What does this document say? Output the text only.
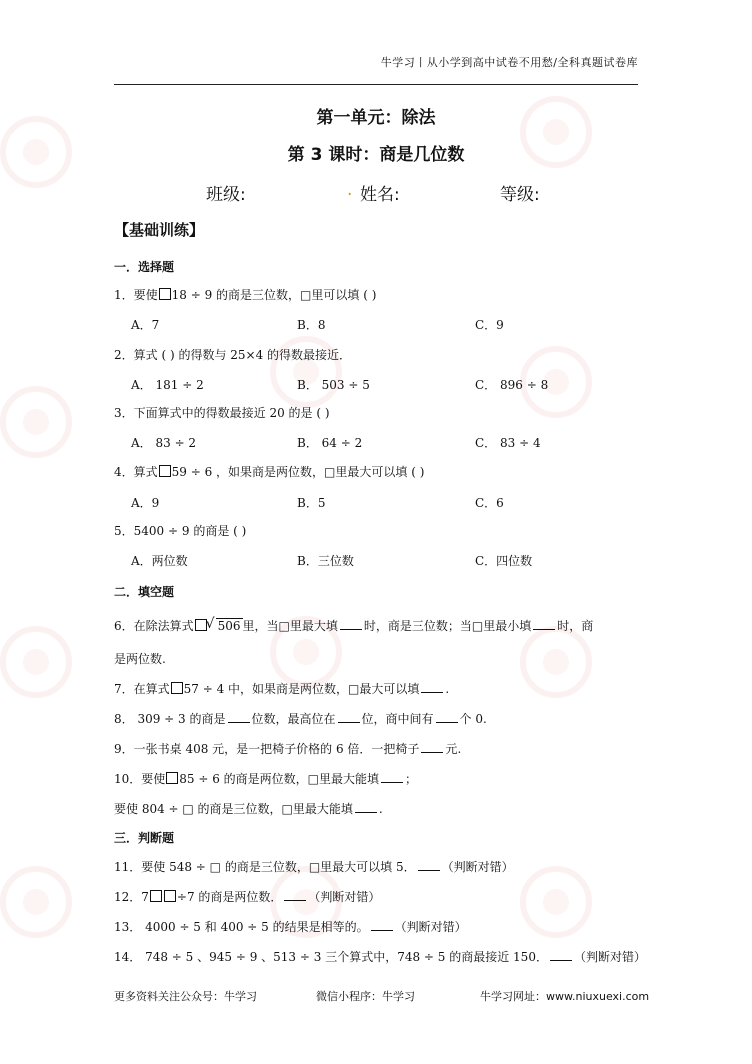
牛学习丨从小学到高中试卷不用愁/全科真题试卷库
第一单元：除法
第 3 课时：商是几位数
班级:	. 姓名:	等级:
【基础训练】
一．选择题
1．要使 18 ÷ 9 的商是三位数，□里可以填 ( )
A．7	B．8	C．9
2．算式 ( ) 的得数与 25×4 的得数最接近．
A． 181 ÷ 2	B． 503 ÷ 5	C． 896 ÷ 8
3．下面算式中的得数最接近 20 的是 ( )
A． 83 ÷ 2	B． 64 ÷ 2	C． 83 ÷ 4
4．算式 59 ÷ 6 ，如果商是两位数，□里最大可以填 ( )
A．9	B．5	C．6
5．5400 ÷ 9 的商是 ( )
A．两位数	B．三位数	C．四位数
二．填空题
6．在除法算式√ 506 里，当□里最大填 时，商是三位数；当□里最小填 时，商
是两位数.
7．在算式 57 ÷ 4 中，如果商是两位数，□最大可以填 .
8． 309 ÷ 3 的商是 位数，最高位在 位，商中间有 个 0.
9．一张书桌 408 元，是一把椅子价格的 6 倍．一把椅子 元.
10．要使 85 ÷ 6 的商是两位数，□里最大能填 ；
要使 804 ÷ □ 的商是三位数，□里最大能填 .
三．判断题
11．要使 548 ÷ □ 的商是三位数，□里最大可以填 5． （判断对错）
12．7 ÷7 的商是两位数． （判断对错）
13． 4000 ÷ 5 和 400 ÷ 5 的结果是相等的。 （判断对错）
14． 748 ÷ 5 、945 ÷ 9 、513 ÷ 3 三个算式中，748 ÷ 5 的商最接近 150． （判断对错）
更多资料关注公众号：牛学习	微信小程序：牛学习	牛学习网址：www.niuxuexi.com
